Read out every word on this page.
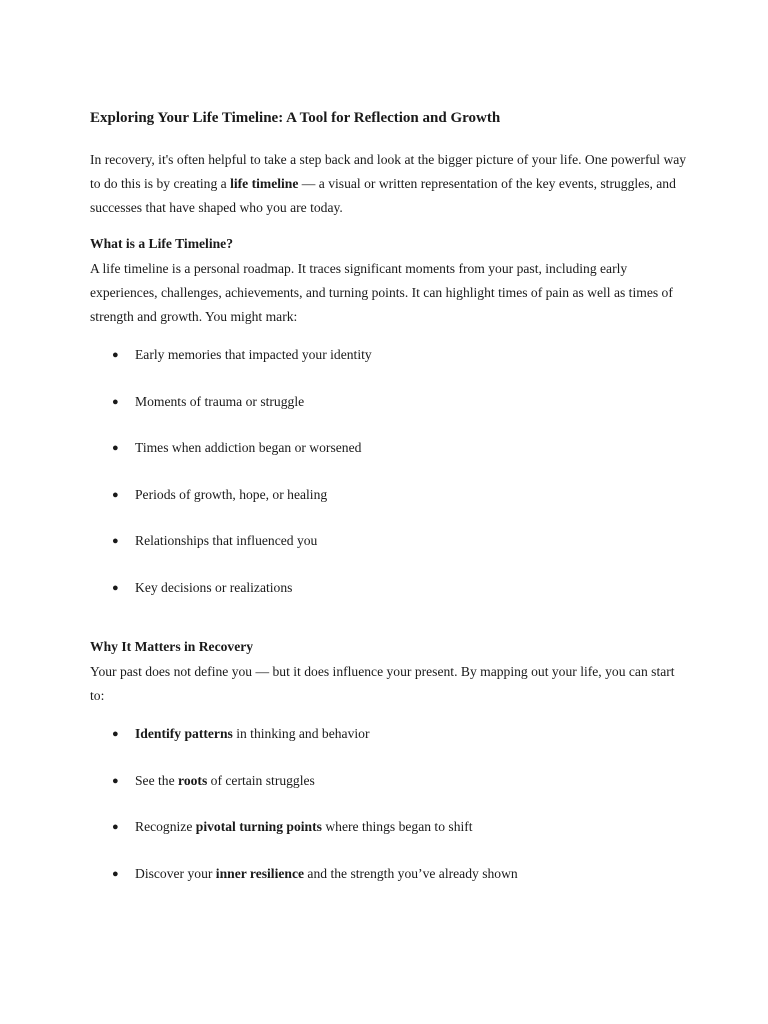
Exploring Your Life Timeline: A Tool for Reflection and Growth

In recovery, it's often helpful to take a step back and look at the bigger picture of your life. One powerful way to do this is by creating a life timeline — a visual or written representation of the key events, struggles, and successes that have shaped who you are today.

What is a Life Timeline?

A life timeline is a personal roadmap. It traces significant moments from your past, including early experiences, challenges, achievements, and turning points. It can highlight times of pain as well as times of strength and growth. You might mark:

● Early memories that impacted your identity
● Moments of trauma or struggle
● Times when addiction began or worsened
● Periods of growth, hope, or healing
● Relationships that influenced you
● Key decisions or realizations
Why It Matters in Recovery

Your past does not define you — but it does influence your present. By mapping out your life, you can start to:

● Identify patterns in thinking and behavior
● See the roots of certain struggles
● Recognize pivotal turning points where things began to shift
● Discover your inner resilience and the strength you’ve already shown
